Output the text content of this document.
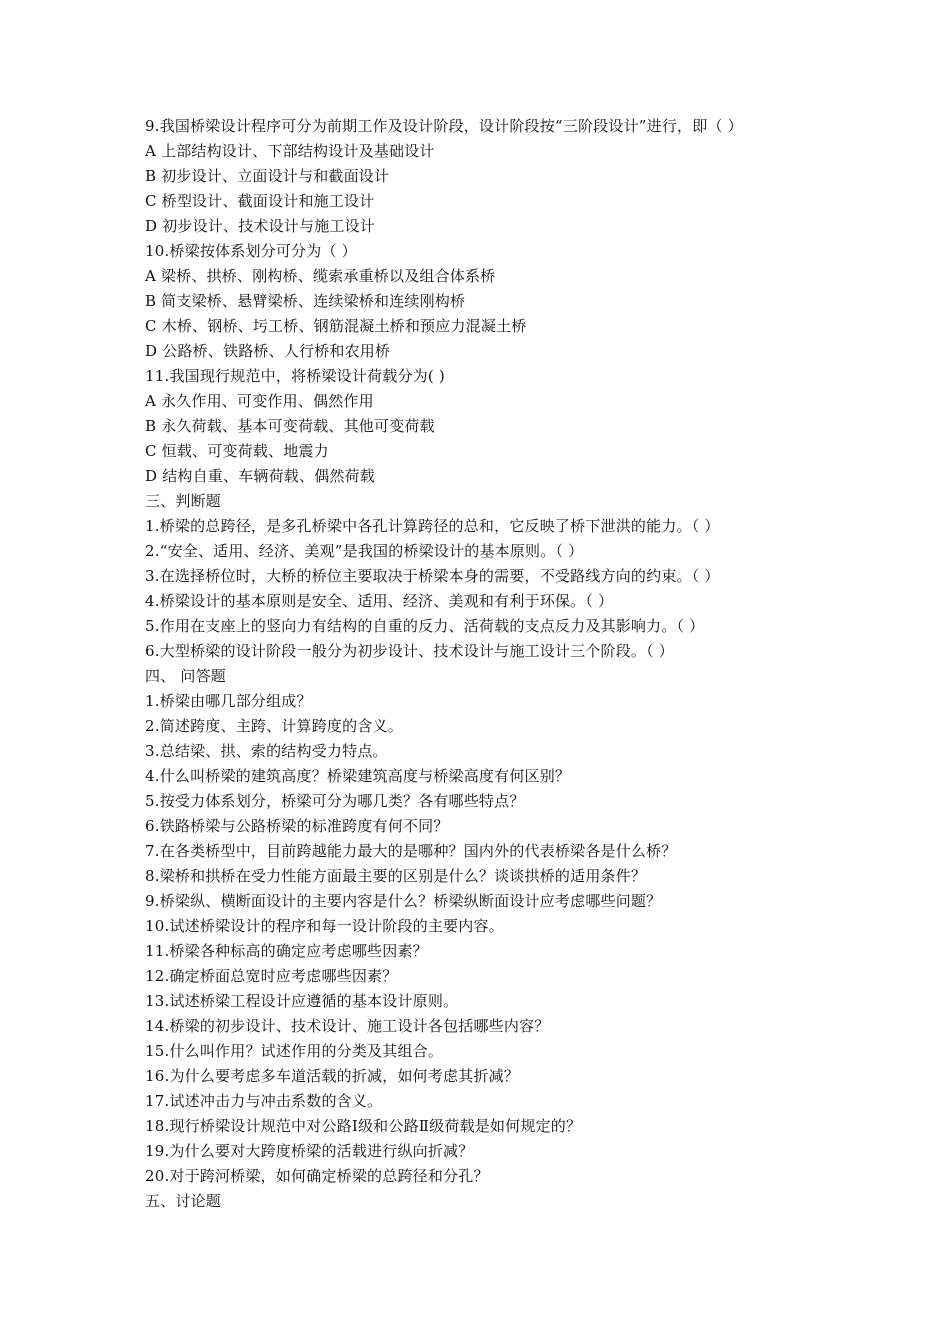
9.我国桥梁设计程序可分为前期工作及设计阶段，设计阶段按“三阶段设计”进行，即（ ）
A 上部结构设计、下部结构设计及基础设计
B 初步设计、立面设计与和截面设计
C 桥型设计、截面设计和施工设计
D 初步设计、技术设计与施工设计
10.桥梁按体系划分可分为（ ）
A 梁桥、拱桥、刚构桥、缆索承重桥以及组合体系桥
B 简支梁桥、悬臂梁桥、连续梁桥和连续刚构桥
C 木桥、钢桥、圬工桥、钢筋混凝土桥和预应力混凝土桥
D 公路桥、铁路桥、人行桥和农用桥
11.我国现行规范中，将桥梁设计荷载分为( )
A 永久作用、可变作用、偶然作用
B 永久荷载、基本可变荷载、其他可变荷载
C 恒载、可变荷载、地震力
D 结构自重、车辆荷载、偶然荷载
三、判断题
1.桥梁的总跨径，是多孔桥梁中各孔计算跨径的总和，它反映了桥下泄洪的能力。（ ）
2.“安全、适用、经济、美观”是我国的桥梁设计的基本原则。（ ）
3.在选择桥位时，大桥的桥位主要取决于桥梁本身的需要，不受路线方向的约束。（ ）
4.桥梁设计的基本原则是安全、适用、经济、美观和有利于环保。（ ）
5.作用在支座上的竖向力有结构的自重的反力、活荷载的支点反力及其影响力。（ ）
6.大型桥梁的设计阶段一般分为初步设计、技术设计与施工设计三个阶段。（ ）
四、 问答题
1.桥梁由哪几部分组成？
2.简述跨度、主跨、计算跨度的含义。
3.总结梁、拱、索的结构受力特点。
4.什么叫桥梁的建筑高度？桥梁建筑高度与桥梁高度有何区别？
5.按受力体系划分，桥梁可分为哪几类？各有哪些特点？
6.铁路桥梁与公路桥梁的标准跨度有何不同？
7.在各类桥型中，目前跨越能力最大的是哪种？国内外的代表桥梁各是什么桥？
8.梁桥和拱桥在受力性能方面最主要的区别是什么？谈谈拱桥的适用条件？
9.桥梁纵、横断面设计的主要内容是什么？桥梁纵断面设计应考虑哪些问题？
10.试述桥梁设计的程序和每一设计阶段的主要内容。
11.桥梁各种标高的确定应考虑哪些因素？
12.确定桥面总宽时应考虑哪些因素？
13.试述桥梁工程设计应遵循的基本设计原则。
14.桥梁的初步设计、技术设计、施工设计各包括哪些内容？
15.什么叫作用？试述作用的分类及其组合。
16.为什么要考虑多车道活载的折减，如何考虑其折减？
17.试述冲击力与冲击系数的含义。
18.现行桥梁设计规范中对公路Ⅰ级和公路Ⅱ级荷载是如何规定的？
19.为什么要对大跨度桥梁的活载进行纵向折减？
20.对于跨河桥梁，如何确定桥梁的总跨径和分孔？
五、讨论题
